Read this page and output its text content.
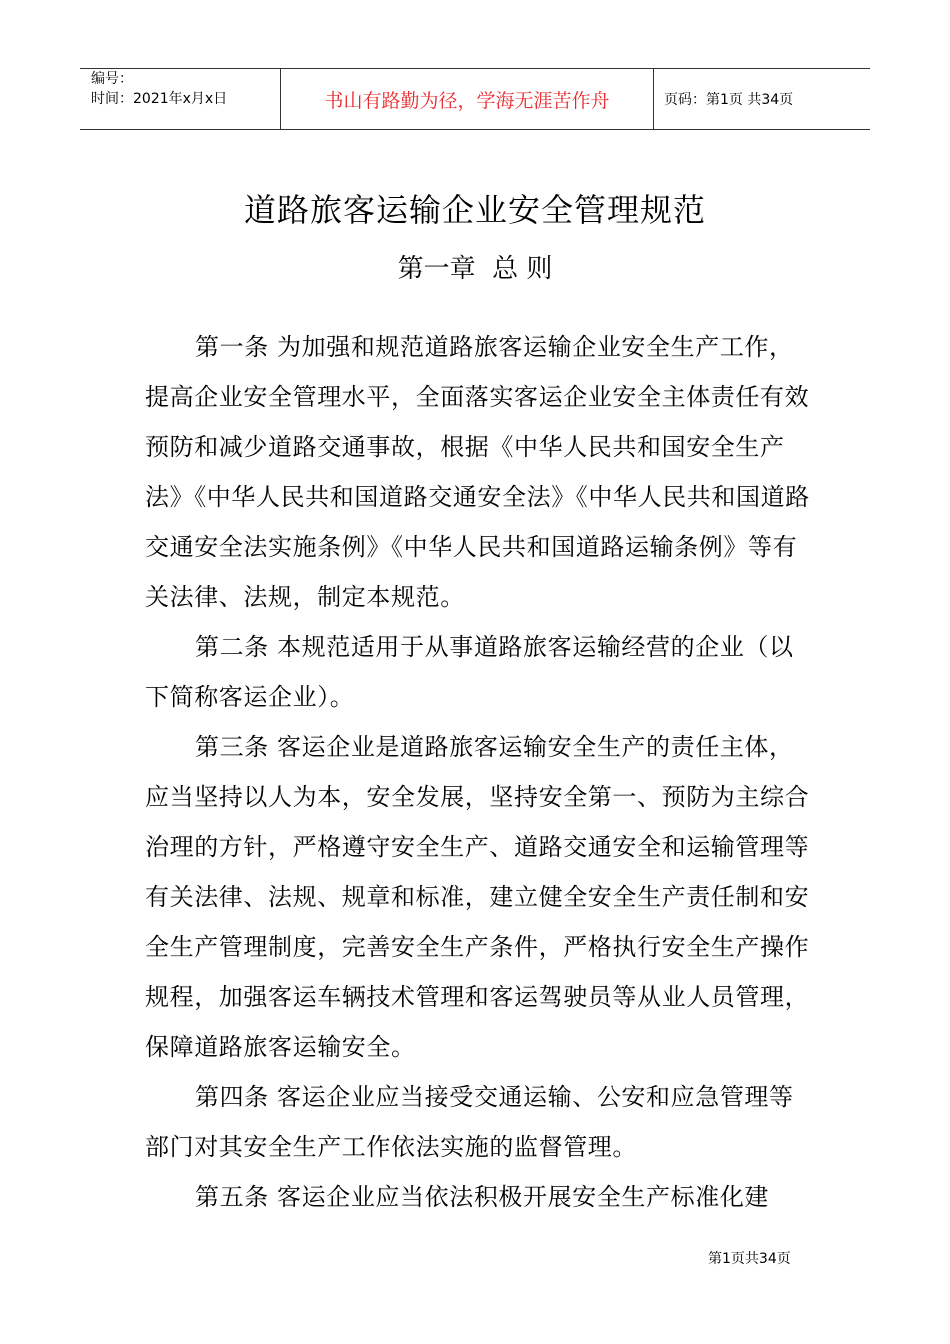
编号：
时间：2021年x月x日	书山有路勤为径，学海无涯苦作舟	页码：第1页 共34页
道路旅客运输企业安全管理规范
第一章  总 则

第一条 为加强和规范道路旅客运输企业安全生产工作，提高企业安全管理水平，全面落实客运企业安全主体责任有效预防和减少道路交通事故，根据《中华人民共和国安全生产法》《中华人民共和国道路交通安全法》《中华人民共和国道路交通安全法实施条例》《中华人民共和国道路运输条例》等有关法律、法规，制定本规范。

第二条 本规范适用于从事道路旅客运输经营的企业（以下简称客运企业）。

第三条 客运企业是道路旅客运输安全生产的责任主体，应当坚持以人为本，安全发展，坚持安全第一、预防为主综合治理的方针，严格遵守安全生产、道路交通安全和运输管理等有关法律、法规、规章和标准，建立健全安全生产责任制和安全生产管理制度，完善安全生产条件，严格执行安全生产操作规程，加强客运车辆技术管理和客运驾驶员等从业人员管理，保障道路旅客运输安全。

第四条 客运企业应当接受交通运输、公安和应急管理等部门对其安全生产工作依法实施的监督管理。

第五条 客运企业应当依法积极开展安全生产标准化建

第1页共34页
